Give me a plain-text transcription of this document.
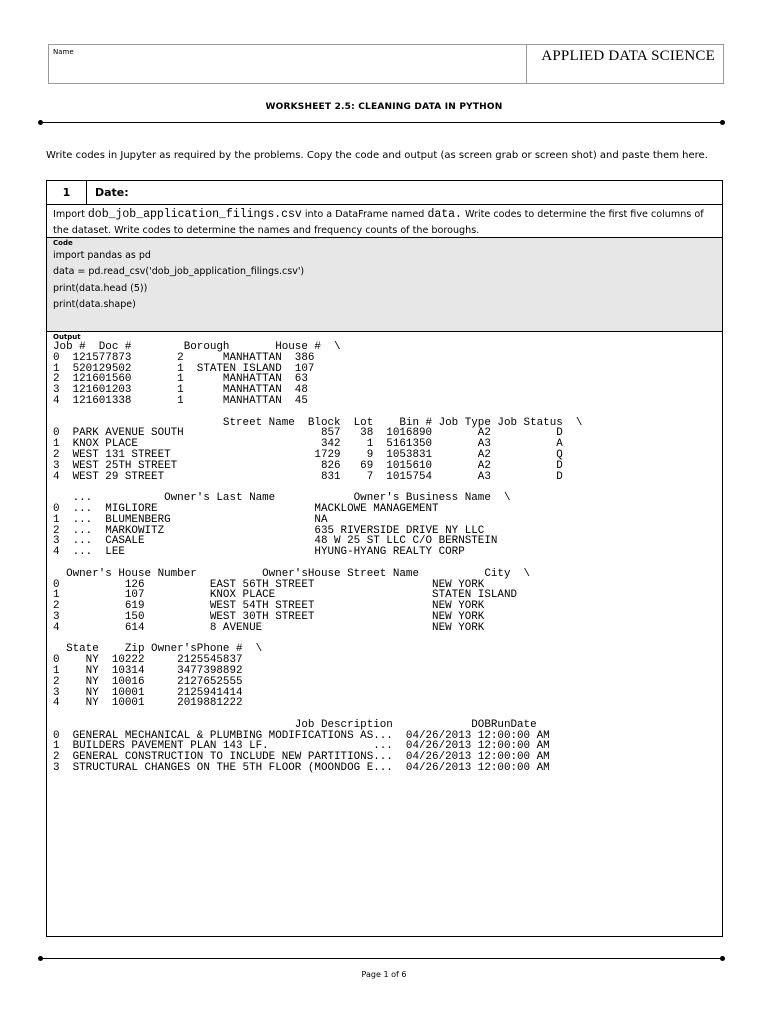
Name	APPLIED DATA SCIENCE
WORKSHEET 2.5: CLEANING DATA IN PYTHON
Write codes in Jupyter as required by the problems. Copy the code and output (as screen grab or screen shot) and paste them here.
1	Date:
Import dob_job_application_filings.csv into a DataFrame named data. Write codes to determine the first five columns of the dataset. Write codes to determine the names and frequency counts of the boroughs.
Code
import pandas as pd
data = pd.read_csv('dob_job_application_filings.csv')
print(data.head (5))
print(data.shape)
Output
Job #  Doc #        Borough       House #  \
0  121577873       2      MANHATTAN  386
1  520129502       1  STATEN ISLAND  107
2  121601560       1      MANHATTAN  63
3  121601203       1      MANHATTAN  48
4  121601338       1      MANHATTAN  45
Street Name  Block  Lot    Bin # Job Type Job Status  \
0  PARK AVENUE SOUTH                     857   38  1016890       A2          D
1  KNOX PLACE                            342    1  5161350       A3          A
2  WEST 131 STREET                      1729    9  1053831       A2          Q
3  WEST 25TH STREET                      826   69  1015610       A2          D
4  WEST 29 STREET                        831    7  1015754       A3          D
...           Owner's Last Name            Owner's Business Name  \
0  ...  MIGLIORE                        MACKLOWE MANAGEMENT
1  ...  BLUMENBERG                      NA
2  ...  MARKOWITZ                       635 RIVERSIDE DRIVE NY LLC
3  ...  CASALE                          48 W 25 ST LLC C/O BERNSTEIN
4  ...  LEE                             HYUNG-HYANG REALTY CORP
Owner's House Number          Owner'sHouse Street Name          City  \
0          126          EAST 56TH STREET                  NEW YORK
1          107          KNOX PLACE                        STATEN ISLAND
2          619          WEST 54TH STREET                  NEW YORK
3          150          WEST 30TH STREET                  NEW YORK
4          614          8 AVENUE                          NEW YORK
State    Zip Owner'sPhone #  \
0    NY  10222     2125545837
1    NY  10314     3477398892
2    NY  10016     2127652555
3    NY  10001     2125941414
4    NY  10001     2019881222
Job Description            DOBRunDate
0  GENERAL MECHANICAL & PLUMBING MODIFICATIONS AS...  04/26/2013 12:00:00 AM
1  BUILDERS PAVEMENT PLAN 143 LF.                ...  04/26/2013 12:00:00 AM
2  GENERAL CONSTRUCTION TO INCLUDE NEW PARTITIONS...  04/26/2013 12:00:00 AM
3  STRUCTURAL CHANGES ON THE 5TH FLOOR (MOONDOG E...  04/26/2013 12:00:00 AM
Page 1 of 6
